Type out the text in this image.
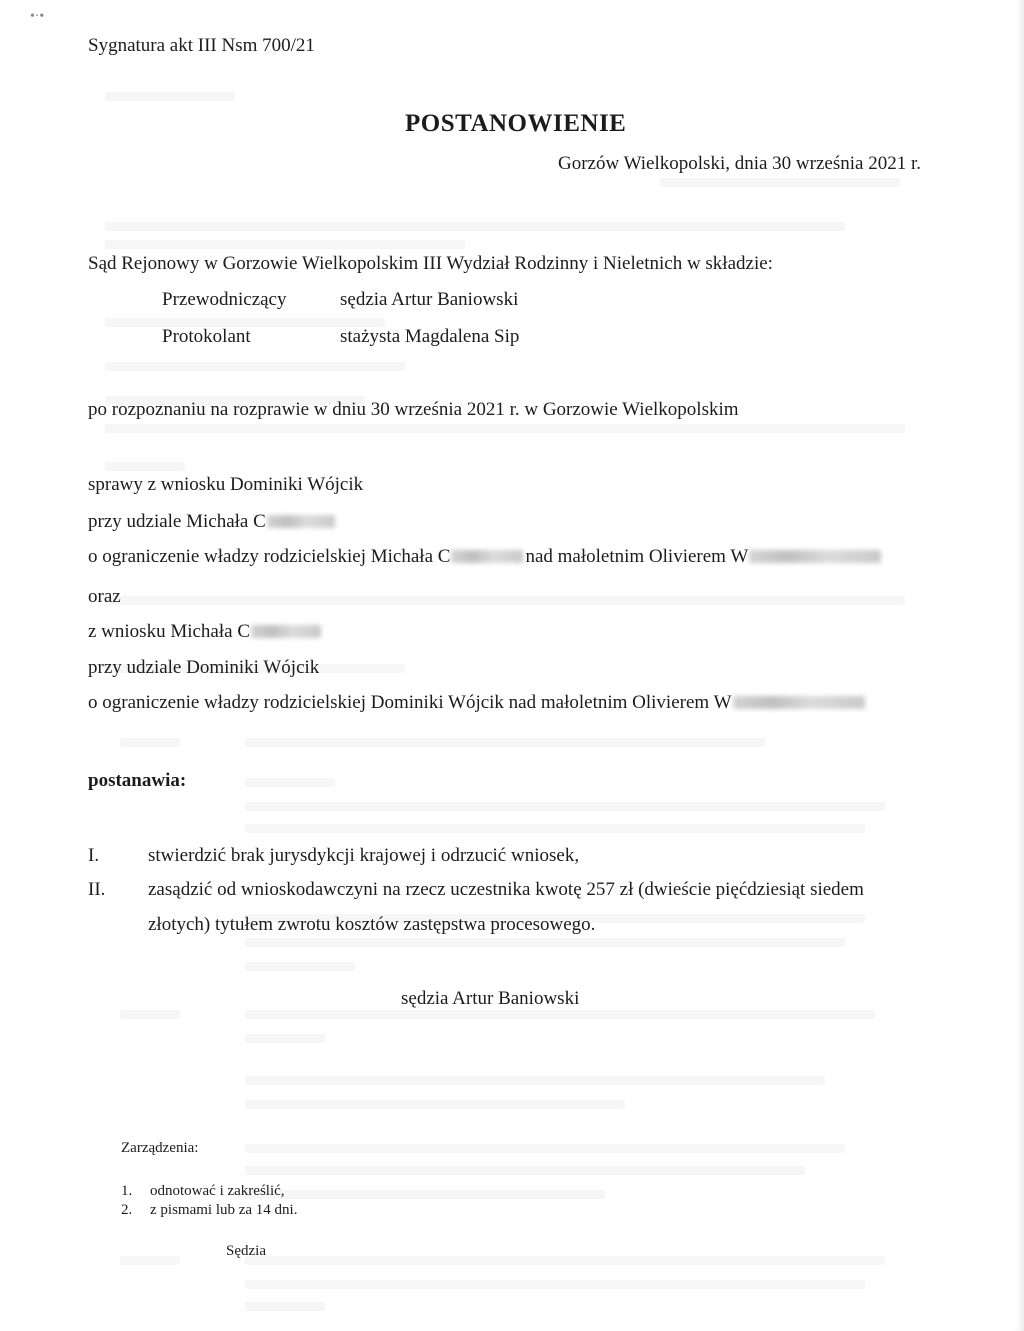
•⋅•
Sygnatura akt III Nsm 700/21
POSTANOWIENIE
Gorzów Wielkopolski, dnia 30 września 2021 r.
Sąd Rejonowy w Gorzowie Wielkopolskim III Wydział Rodzinny i Nieletnich w składzie:
Przewodniczący	sędzia Artur Baniowski
Protokolant	stażysta Magdalena Sip
po rozpoznaniu na rozprawie w dniu 30 września 2021 r. w Gorzowie Wielkopolskim
sprawy z wniosku Dominiki Wójcik
przy udziale Michała C
o ograniczenie władzy rodzicielskiej Michała C	nad małoletnim Olivierem W
oraz
z wniosku Michała C
przy udziale Dominiki Wójcik
o ograniczenie władzy rodzicielskiej Dominiki Wójcik nad małoletnim Olivierem W
postanawia:
I.	stwierdzić brak jurysdykcji krajowej i odrzucić wniosek,
II. zasądzić od wnioskodawczyni na rzecz uczestnika kwotę 257 zł (dwieście pięćdziesiąt siedem
złotych) tytułem zwrotu kosztów zastępstwa procesowego.
sędzia Artur Baniowski
Zarządzenia:
1. odnotować i zakreślić,
2. z pismami lub za 14 dni.
Sędzia
